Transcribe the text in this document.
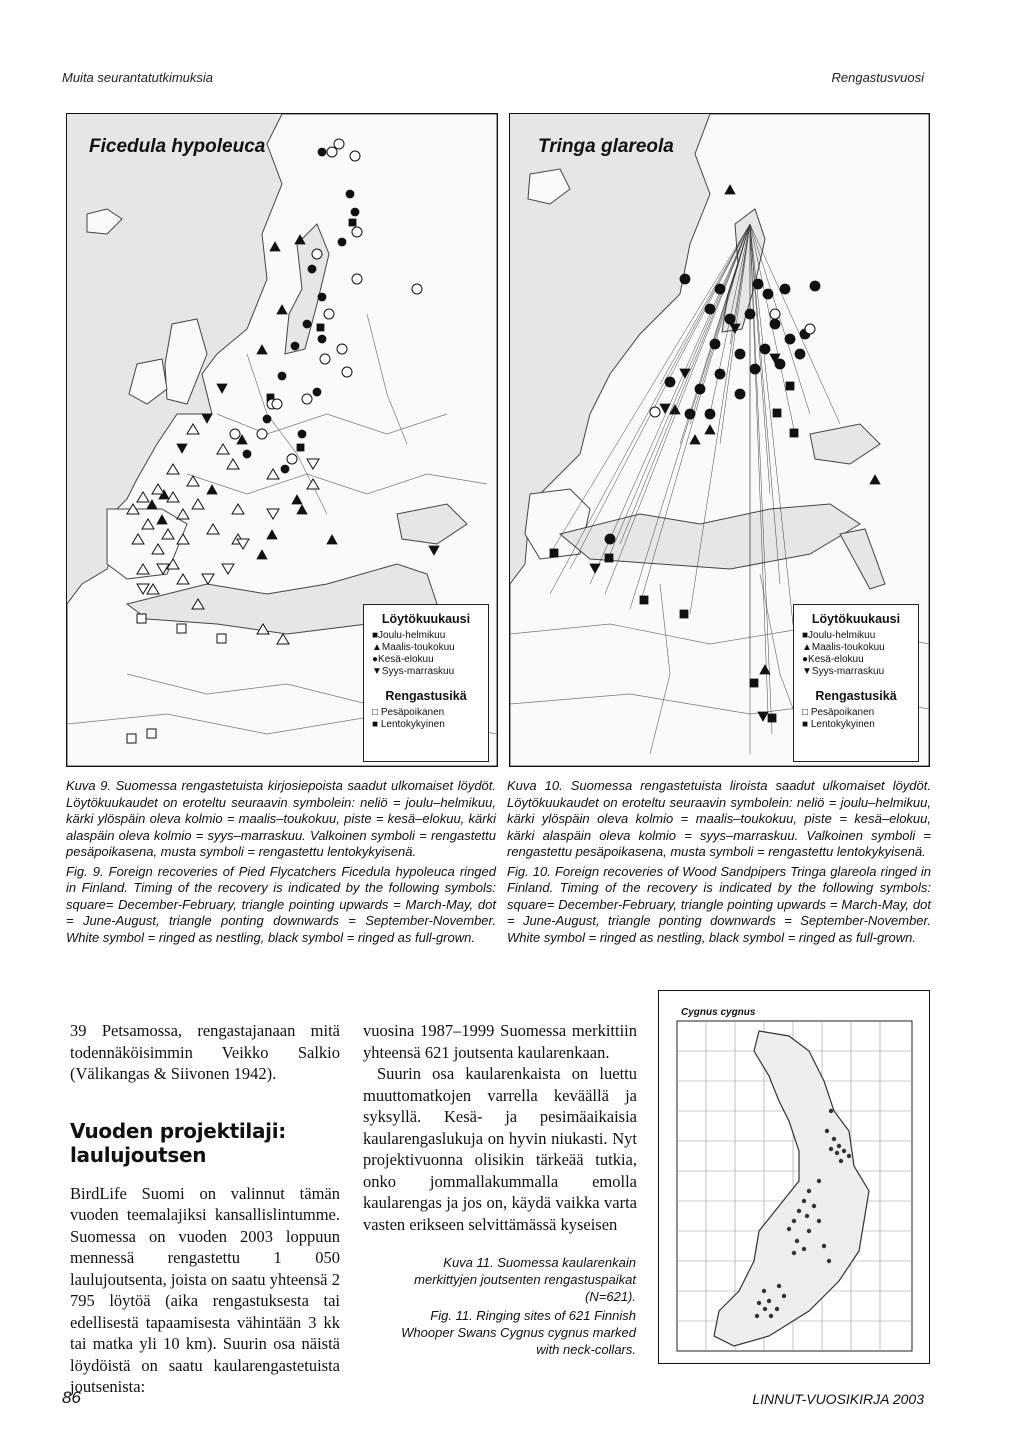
Muita seurantatutkimuksia	Rengastusvuosi
Ficedula hypoleuca
Löytökuukausi
■Joulu-helmikuu
▲Maalis-toukokuu
●Kesä-elokuu
▼Syys-marraskuu
Rengastusikä
□ Pesäpoikanen
■ Lentokykyinen
Tringa glareola
Löytökuukausi
■Joulu-helmikuu
▲Maalis-toukokuu
●Kesä-elokuu
▼Syys-marraskuu
Rengastusikä
□ Pesäpoikanen
■ Lentokykyinen

Kuva 9. Suomessa rengastetuista kirjosiepoista saadut ulkomaiset löydöt. Löytökuukaudet on eroteltu seuraavin symbolein: neliö = joulu–helmikuu, kärki ylöspäin oleva kolmio = maalis–toukokuu, piste = kesä–elokuu, kärki alaspäin oleva kolmio = syys–marraskuu. Valkoinen symboli = rengastettu pesäpoikasena, musta symboli = rengastettu lentokykyisenä.

Fig. 9. Foreign recoveries of Pied Flycatchers Ficedula hypoleuca ringed in Finland. Timing of the recovery is indicated by the following symbols: square= December-February, triangle pointing upwards = March-May, dot = June-August, triangle ponting downwards = September-November. White symbol = ringed as nestling, black symbol = ringed as full-grown.

Kuva 10. Suomessa rengastetuista liroista saadut ulkomaiset löydöt. Löytökuukaudet on eroteltu seuraavin symbolein: neliö = joulu–helmikuu, kärki ylöspäin oleva kolmio = maalis–toukokuu, piste = kesä–elokuu, kärki alaspäin oleva kolmio = syys–marraskuu. Valkoinen symboli = rengastettu pesäpoikasena, musta symboli = rengastettu lentokykyisenä.

Fig. 10. Foreign recoveries of Wood Sandpipers Tringa glareola ringed in Finland. Timing of the recovery is indicated by the following symbols: square= December-February, triangle pointing upwards = March-May, dot = June-August, triangle ponting downwards = September-November. White symbol = ringed as nestling, black symbol = ringed as full-grown.

39 Petsamossa, rengastajanaan mitä todennäköisimmin Veikko Salkio (Välikangas & Siivonen 1942).

Vuoden projektilaji: laulujoutsen

BirdLife Suomi on valinnut tämän vuoden teemalajiksi kansallislintumme. Suomessa on vuoden 2003 loppuun mennessä rengastettu 1 050 laulujoutsenta, joista on saatu yhteensä 2 795 löytöä (aika rengastuksesta tai edellisestä tapaamisesta vähintään 3 kk tai matka yli 10 km). Suurin osa näistä löydöistä on saatu kaularengastetuista joutsenista:

vuosina 1987–1999 Suomessa merkittiin yhteensä 621 joutsenta kaularenkaan.

Suurin osa kaularenkaista on luettu muuttomatkojen varrella keväällä ja syksyllä. Kesä- ja pesimäaikaisia kaularengaslukuja on hyvin niukasti. Nyt projektivuonna olisikin tärkeää tutkia, onko jommallakummalla emolla kaularengas ja jos on, käydä vaikka varta vasten erikseen selvittämässä kyseisen

Kuva 11. Suomessa kaularenkain merkittyjen joutsenten rengastuspaikat (N=621).

Fig. 11. Ringing sites of 621 Finnish Whooper Swans Cygnus cygnus marked with neck-collars.

Cygnus cygnus
86	LINNUT-VUOSIKIRJA 2003
